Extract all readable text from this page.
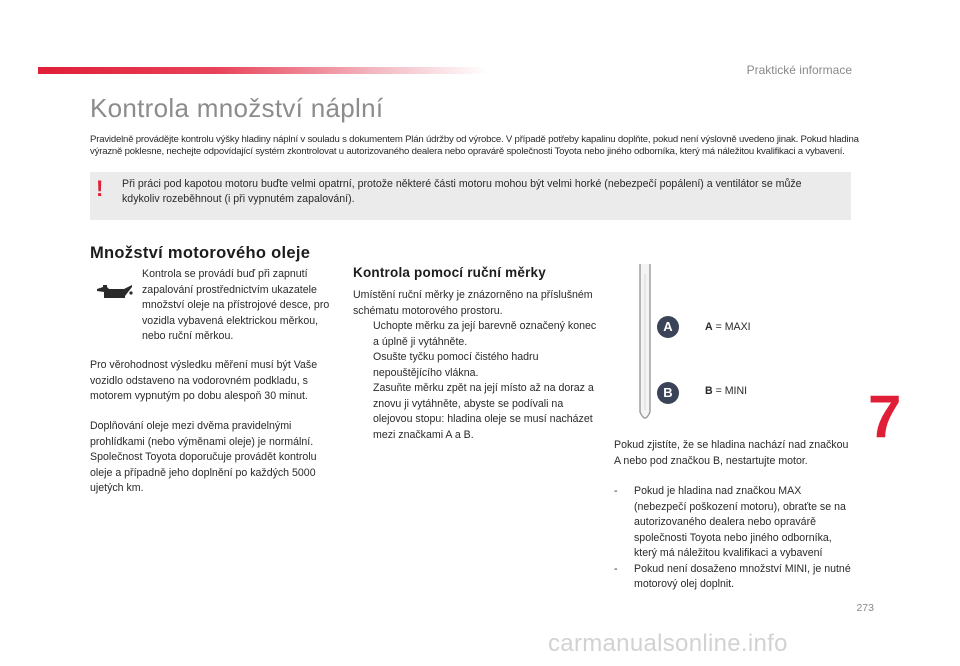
Praktické informace
Kontrola množství náplní

Pravidelně provádějte kontrolu výšky hladiny náplní v souladu s dokumentem Plán údržby od výrobce. V případě potřeby kapalinu doplňte, pokud není výslovně uvedeno jinak. Pokud hladina výrazně poklesne, nechejte odpovídající systém zkontrolovat u autorizovaného dealera nebo opravárě společnosti Toyota nebo jiného odborníka, který má náležitou kvalifikaci a vybavení.

! Při práci pod kapotou motoru buďte velmi opatrní, protože některé části motoru mohou být velmi horké (nebezpečí popálení) a ventilátor se může kdykoliv rozeběhnout (i při vypnutém zapalování).

Množství motorového oleje

Kontrola se provádí buď při zapnutí zapalování prostřednictvím ukazatele množství oleje na přístrojové desce, pro vozidla vybavená elektrickou měrkou, nebo ruční měrkou.

Pro věrohodnost výsledku měření musí být Vaše vozidlo odstaveno na vodorovném podkladu, s motorem vypnutým po dobu alespoň 30 minut.

Doplňování oleje mezi dvěma pravidelnými prohlídkami (nebo výměnami oleje) je normální. Společnost Toyota doporučuje provádět kontrolu oleje a případně jeho doplnění po každých 5000 ujetých km.

Kontrola pomocí ruční měrky

Umístění ruční měrky je znázorněno na příslušném schématu motorového prostoru.

Uchopte měrku za její barevně označený konec a úplně ji vytáhněte.
Osušte tyčku pomocí čistého hadru nepouštějícího vlákna.
Zasuňte měrku zpět na její místo až na doraz a znovu ji vytáhněte, abyste se podívali na olejovou stopu: hladina oleje se musí nacházet mezi značkami A a B.
A
B
A = MAXI
B = MINI

Pokud zjistíte, že se hladina nachází nad značkou A nebo pod značkou B, nestartujte motor.

- Pokud je hladina nad značkou MAX (nebezpečí poškození motoru), obraťte se na autorizovaného dealera nebo opravárě společnosti Toyota nebo jiného odborníka, který má náležitou kvalifikaci a vybavení
- Pokud není dosaženo množství MINI, je nutné motorový olej doplnit.
7
273
carmanualsonline.info
